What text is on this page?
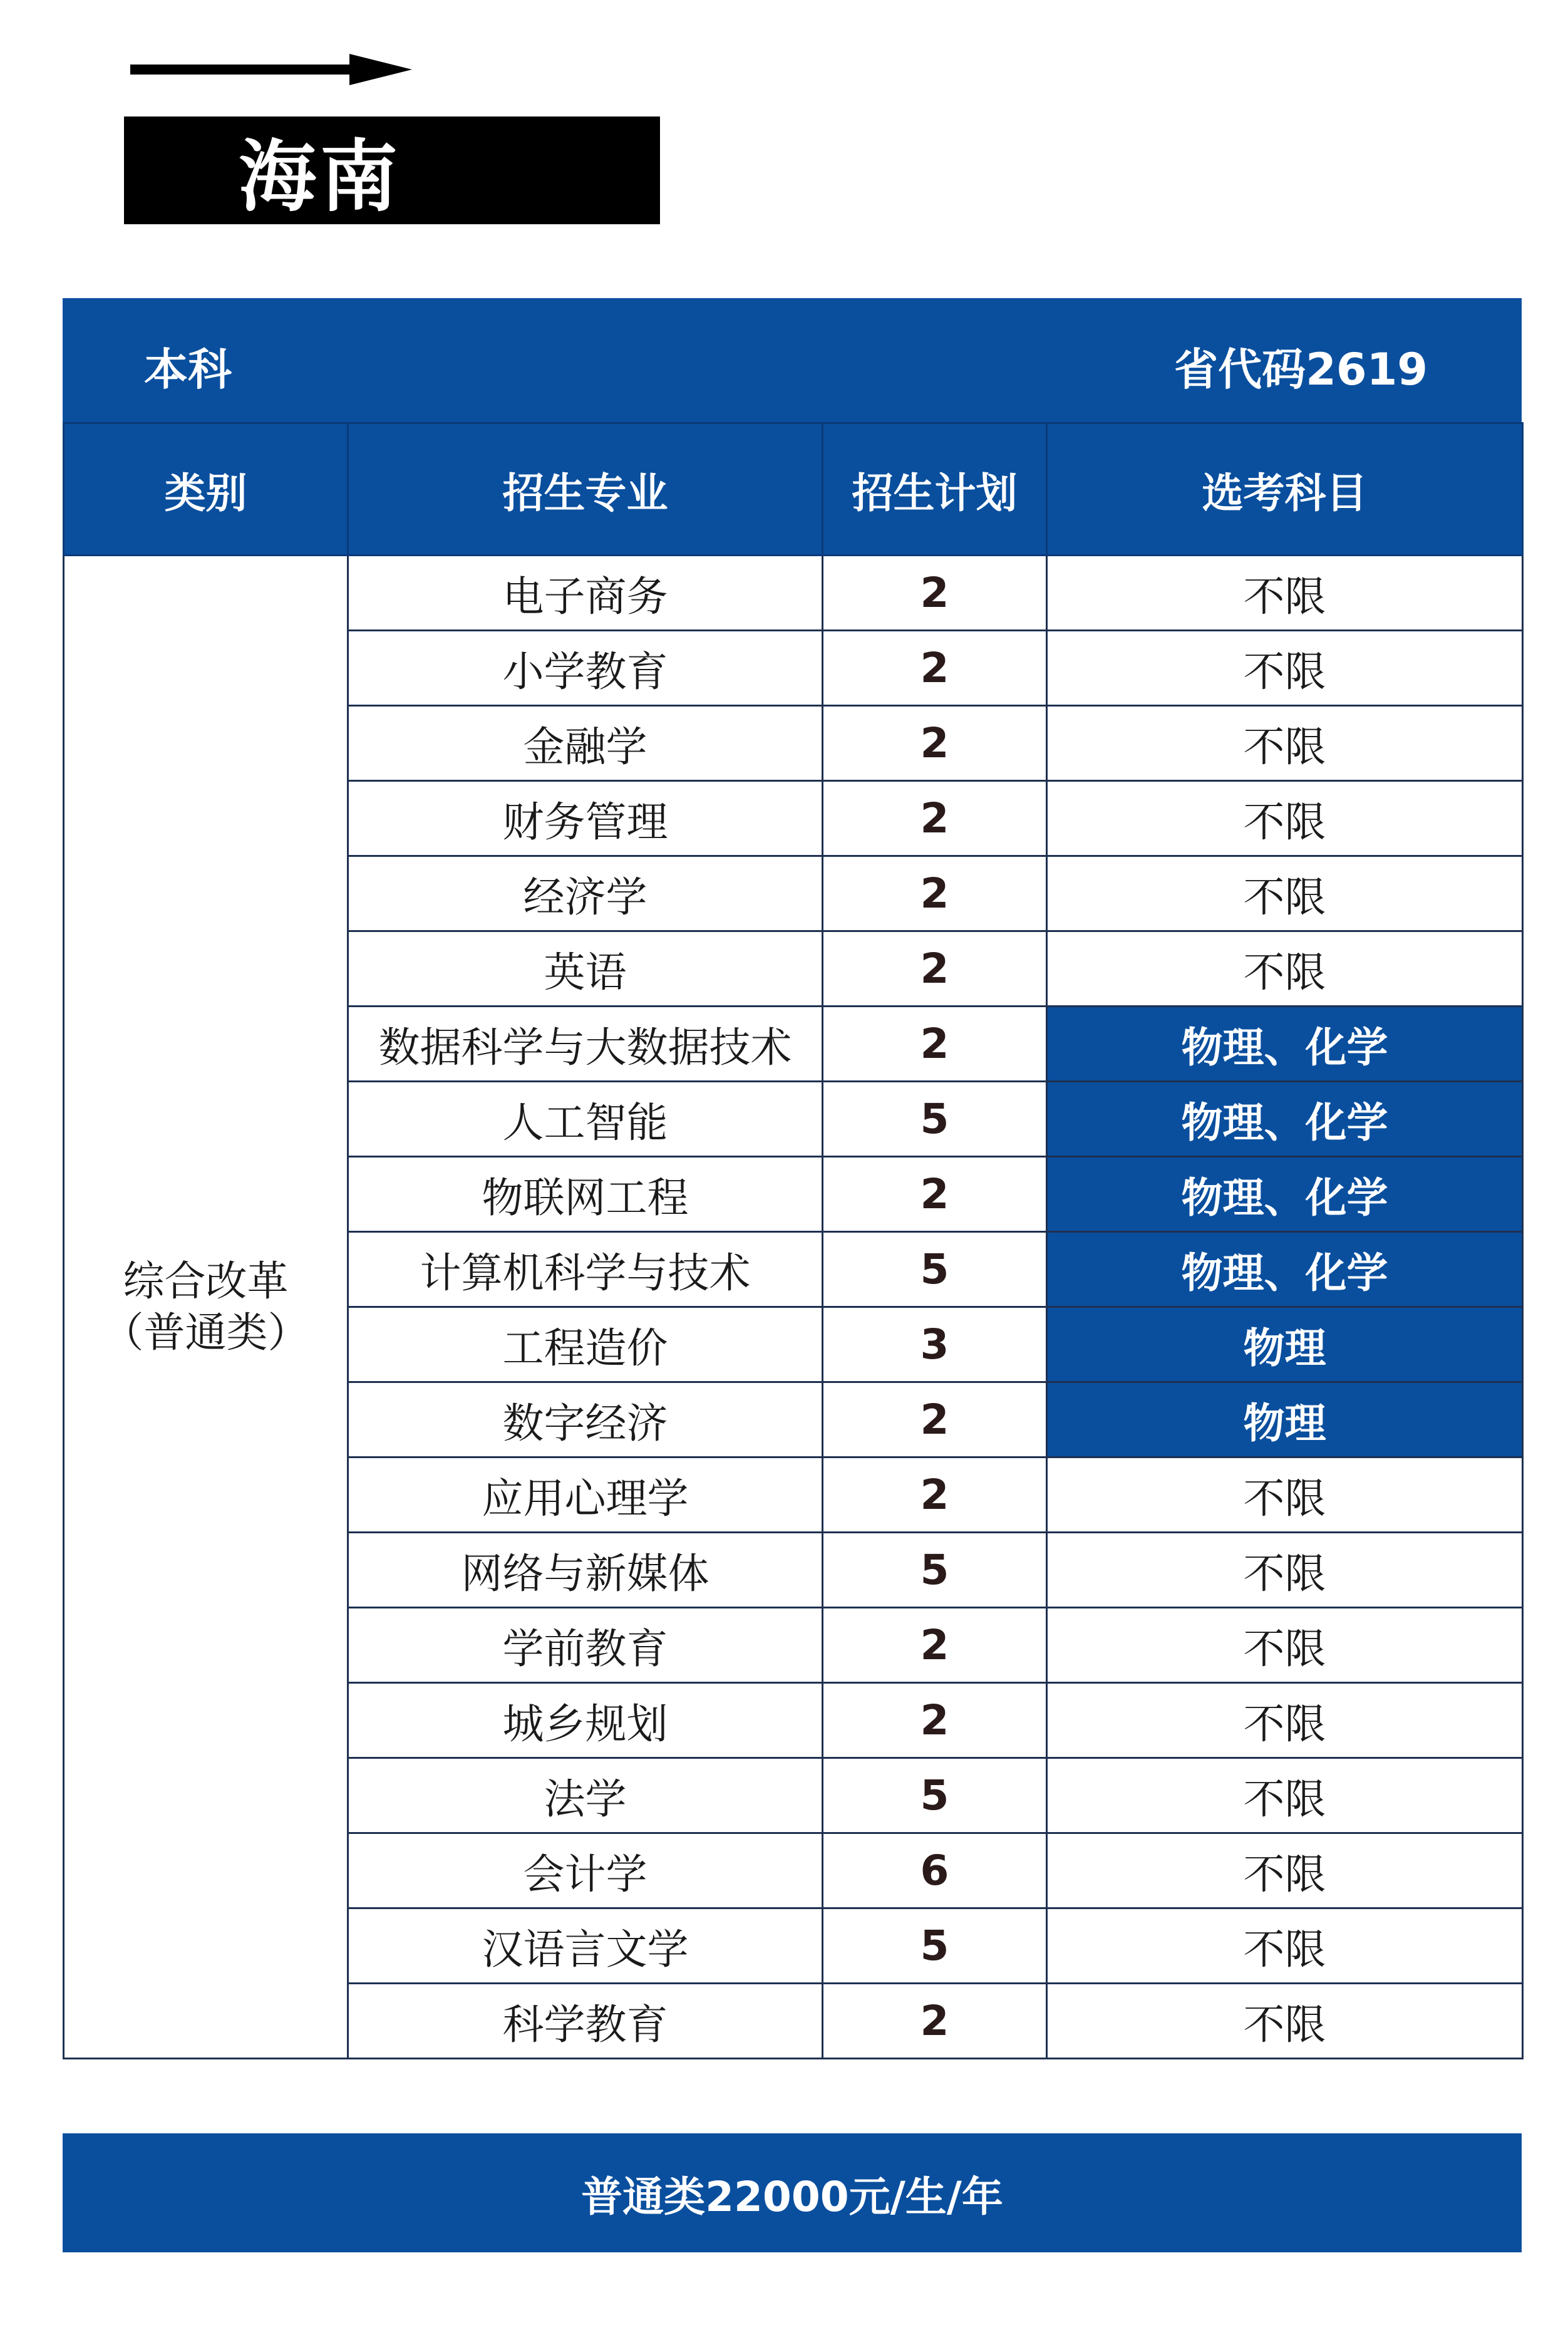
海南
本科	省代码2619
类别	招生专业	招生计划	选考科目

综合改革
（普通类）	电子商务	2	不限
	小学教育	2	不限
	金融学	2	不限
	财务管理	2	不限
	经济学	2	不限
	英语	2	不限
	数据科学与大数据技术	2	物理、化学
	人工智能	5	物理、化学
	物联网工程	2	物理、化学
	计算机科学与技术	5	物理、化学
	工程造价	3	物理
	数字经济	2	物理
	应用心理学	2	不限
	网络与新媒体	5	不限
	学前教育	2	不限
	城乡规划	2	不限
	法学	5	不限
	会计学	6	不限
	汉语言文学	5	不限
	科学教育	2	不限
普通类22000元/生/年
